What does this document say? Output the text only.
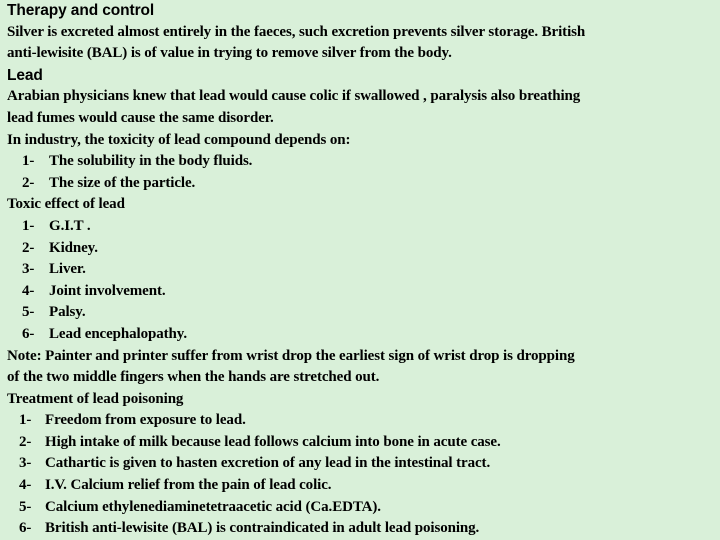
Therapy and control
Silver is excreted almost entirely in the faeces, such excretion prevents silver storage. British
anti-lewisite (BAL) is of value in trying to remove silver from the body.
Lead
Arabian physicians knew that lead would cause colic if swallowed , paralysis also breathing
lead fumes would cause the same disorder.
In industry, the toxicity of lead compound depends on:
1- The solubility in the body fluids.
2- The size of the particle.
Toxic effect of lead
1- G.I.T .
2- Kidney.
3- Liver.
4- Joint involvement.
5- Palsy.
6- Lead encephalopathy.
Note: Painter and printer suffer from wrist drop the earliest sign of wrist drop is dropping
of the two middle fingers when the hands are stretched out.
Treatment of lead poisoning
1- Freedom from exposure to lead.
2- High intake of milk because lead follows calcium into bone in acute case.
3- Cathartic is given to hasten excretion of any lead in the intestinal tract.
4- I.V. Calcium relief from the pain of lead colic.
5- Calcium ethylenediaminetetraacetic acid (Ca.EDTA).
6- British anti-lewisite (BAL) is contraindicated in adult lead poisoning.
